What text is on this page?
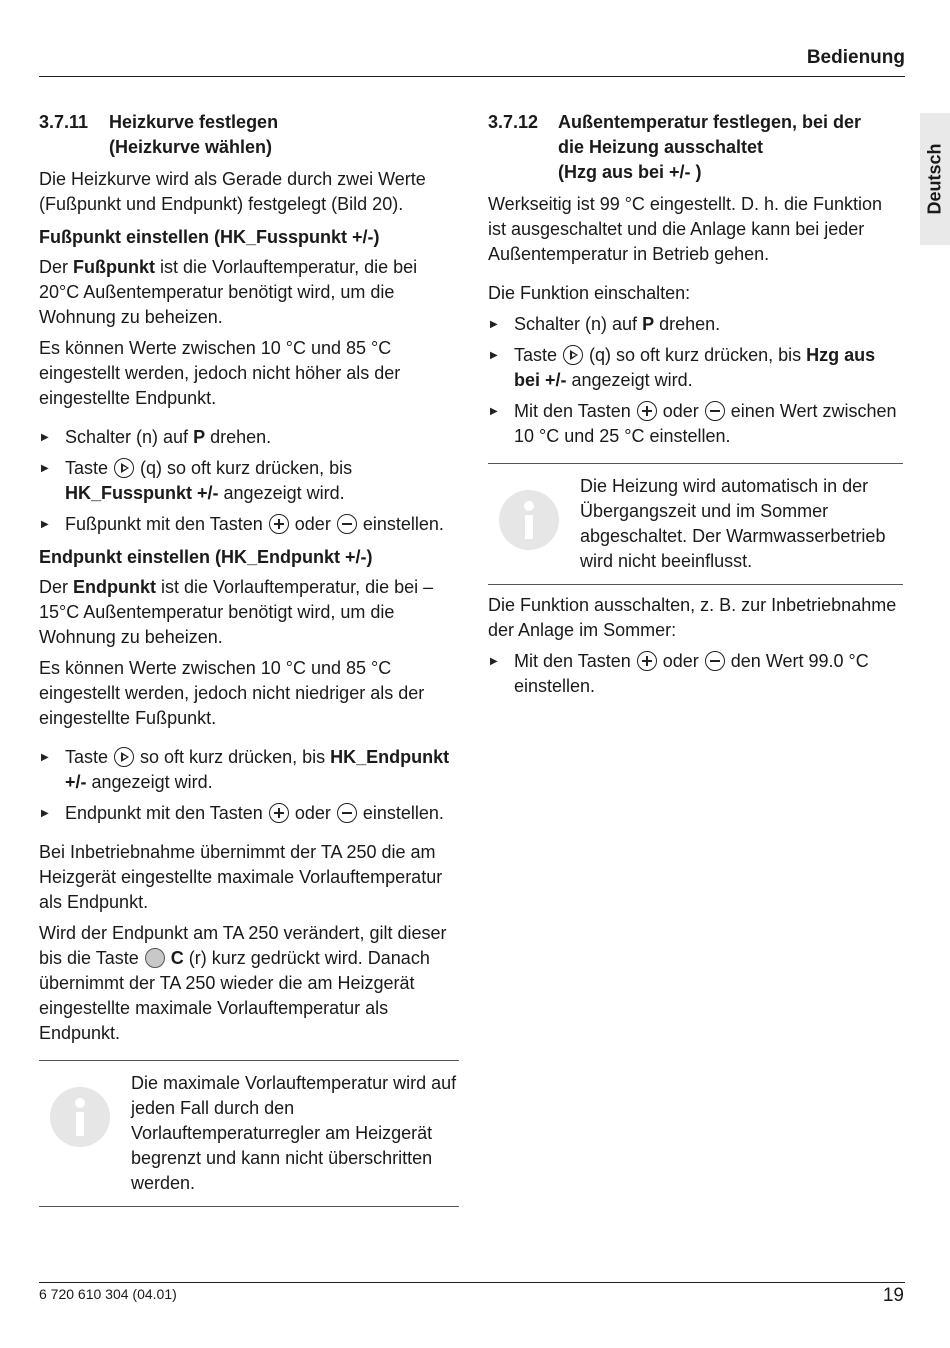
Bedienung
Deutsch
3.7.11	Heizkurve festlegen
(Heizkurve wählen)

Die Heizkurve wird als Gerade durch zwei Werte (Fußpunkt und Endpunkt) festgelegt (Bild 20).

Fußpunkt einstellen (HK_Fusspunkt +/-)

Der Fußpunkt ist die Vorlauftemperatur, die bei 20°C Außentemperatur benötigt wird, um die Wohnung zu beheizen.

Es können Werte zwischen 10 °C und 85 °C eingestellt werden, jedoch nicht höher als der eingestellte Endpunkt.

▶ Schalter (n) auf P drehen.
▶ Taste  (q) so oft kurz drücken, bis HK_Fusspunkt +/- angezeigt wird.
▶ Fußpunkt mit den Tasten  oder  einstellen.
Endpunkt einstellen (HK_Endpunkt +/-)

Der Endpunkt ist die Vorlauftemperatur, die bei –15°C Außentemperatur benötigt wird, um die Wohnung zu beheizen.

Es können Werte zwischen 10 °C und 85 °C eingestellt werden, jedoch nicht niedriger als der eingestellte Fußpunkt.

▶ Taste  so oft kurz drücken, bis HK_Endpunkt +/- angezeigt wird.
▶ Endpunkt mit den Tasten  oder  einstellen.

Bei Inbetriebnahme übernimmt der TA 250 die am Heizgerät eingestellte maximale Vorlauftemperatur als Endpunkt.

Wird der Endpunkt am TA 250 verändert, gilt dieser bis die Taste  C (r) kurz gedrückt wird. Danach übernimmt der TA 250 wieder die am Heizgerät eingestellte maximale Vorlauftemperatur als Endpunkt.

Die maximale Vorlauftemperatur wird auf jeden Fall durch den Vorlauftemperaturregler am Heizgerät begrenzt und kann nicht überschritten werden.
3.7.12	Außentemperatur festlegen, bei der
die Heizung ausschaltet
(Hzg aus bei +/- )

Werkseitig ist 99 °C eingestellt. D. h. die Funktion ist ausgeschaltet und die Anlage kann bei jeder Außentemperatur in Betrieb gehen.

Die Funktion einschalten:

▶ Schalter (n) auf P drehen.
▶ Taste  (q) so oft kurz drücken, bis Hzg aus bei +/- angezeigt wird.
▶ Mit den Tasten  oder  einen Wert zwischen 10 °C und 25 °C einstellen.
Die Heizung wird automatisch in der Übergangszeit und im Sommer abgeschaltet. Der Warmwasserbetrieb wird nicht beeinflusst.

Die Funktion ausschalten, z. B. zur Inbetriebnahme der Anlage im Sommer:

▶ Mit den Tasten  oder  den Wert 99.0 °C einstellen.
6 720 610 304 (04.01)	19
